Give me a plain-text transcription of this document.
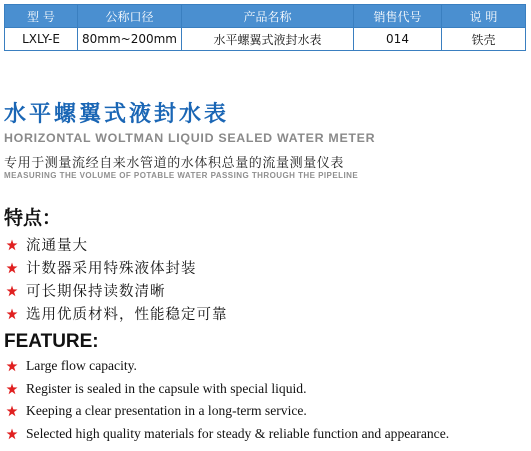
型 号	公称口径	产品名称	销售代号	说 明
LXLY-E	80mm~200mm	水平螺翼式液封水表	014	铁壳
水平螺翼式液封水表
HORIZONTAL WOLTMAN LIQUID SEALED WATER METER
专用于测量流经自来水管道的水体积总量的流量测量仪表
MEASURING THE VOLUME OF POTABLE WATER PASSING THROUGH THE PIPELINE
特点：
流通量大
计数器采用特殊液体封装
可长期保持读数清晰
选用优质材料，性能稳定可靠
FEATURE:
Large flow capacity.
Register is sealed in the capsule with special liquid.
Keeping a clear presentation in a long-term service.
Selected high quality materials for steady & reliable function and appearance.
